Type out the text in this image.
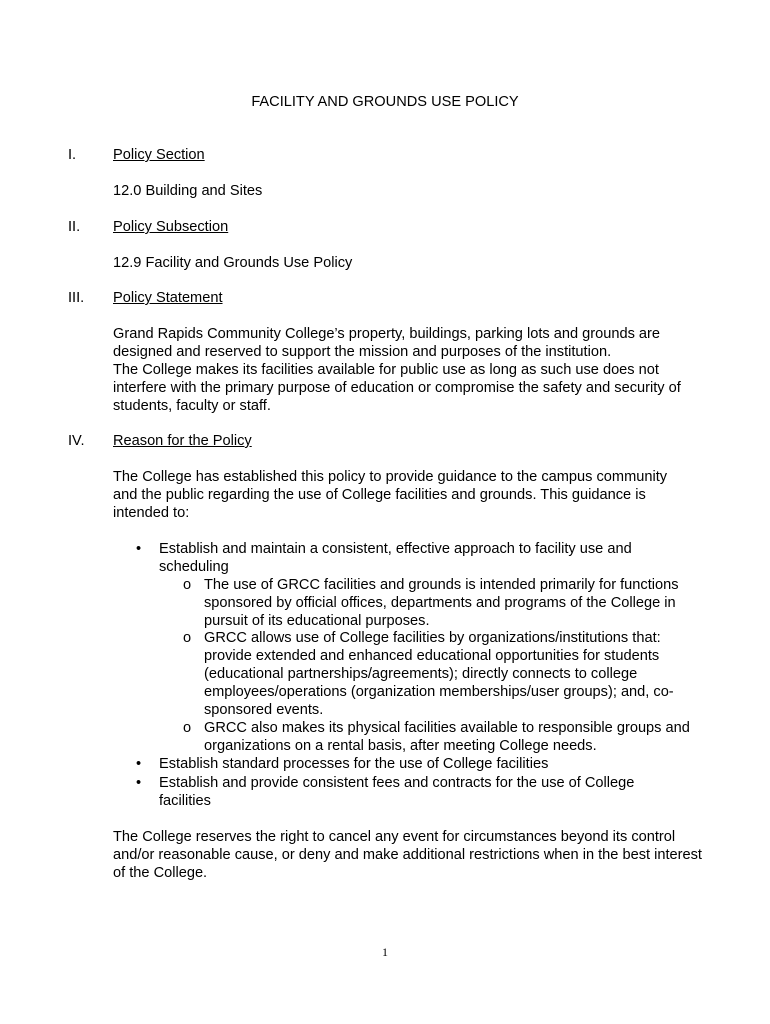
FACILITY AND GROUNDS USE POLICY
I.	Policy Section
12.0 Building and Sites
II. Policy Subsection
12.9 Facility and Grounds Use Policy
III. Policy Statement
Grand Rapids Community College’s property, buildings, parking lots and grounds are designed and reserved to support the mission and purposes of the institution.
The College makes its facilities available for public use as long as such use does not interfere with the primary purpose of education or compromise the safety and security of students, faculty or staff.
IV. Reason for the Policy
The College has established this policy to provide guidance to the campus community and the public regarding the use of College facilities and grounds. This guidance is intended to:
• Establish and maintain a consistent, effective approach to facility use and scheduling
o The use of GRCC facilities and grounds is intended primarily for functions sponsored by official offices, departments and programs of the College in pursuit of its educational purposes.
o GRCC allows use of College facilities by organizations/institutions that: provide extended and enhanced educational opportunities for students (educational partnerships/agreements); directly connects to college employees/operations (organization memberships/user groups); and, co-sponsored events.
o GRCC also makes its physical facilities available to responsible groups and organizations on a rental basis, after meeting College needs.
• Establish standard processes for the use of College facilities
• Establish and provide consistent fees and contracts for the use of College facilities
The College reserves the right to cancel any event for circumstances beyond its control and/or reasonable cause, or deny and make additional restrictions when in the best interest of the College.
1
